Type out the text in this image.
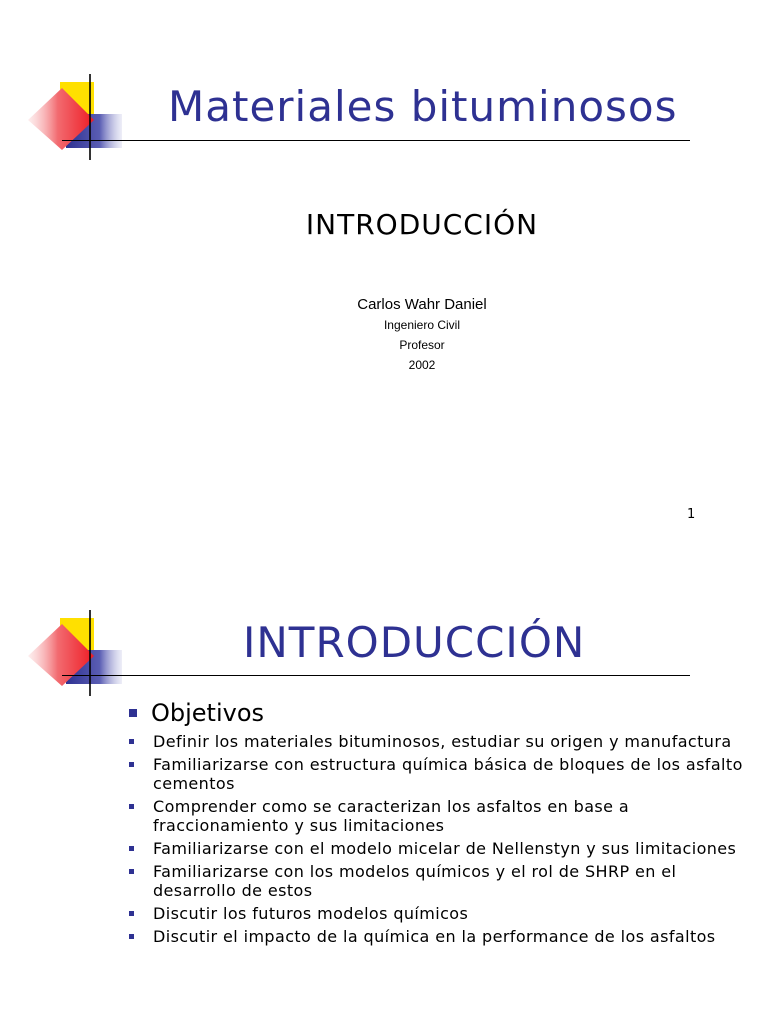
Materiales bituminosos
INTRODUCCIÓN
Carlos Wahr Daniel
Ingeniero Civil
Profesor
2002
1
INTRODUCCIÓN
Objetivos
Definir los materiales bituminosos, estudiar su origen y manufactura
Familiarizarse con estructura química básica de bloques de los asfalto cementos
Comprender como se caracterizan los asfaltos en base a fraccionamiento y sus limitaciones
Familiarizarse con el modelo micelar de Nellenstyn y sus limitaciones
Familiarizarse con los modelos químicos y el rol de SHRP en el desarrollo de estos
Discutir los futuros modelos químicos
Discutir el impacto de la química en la performance de los asfaltos
